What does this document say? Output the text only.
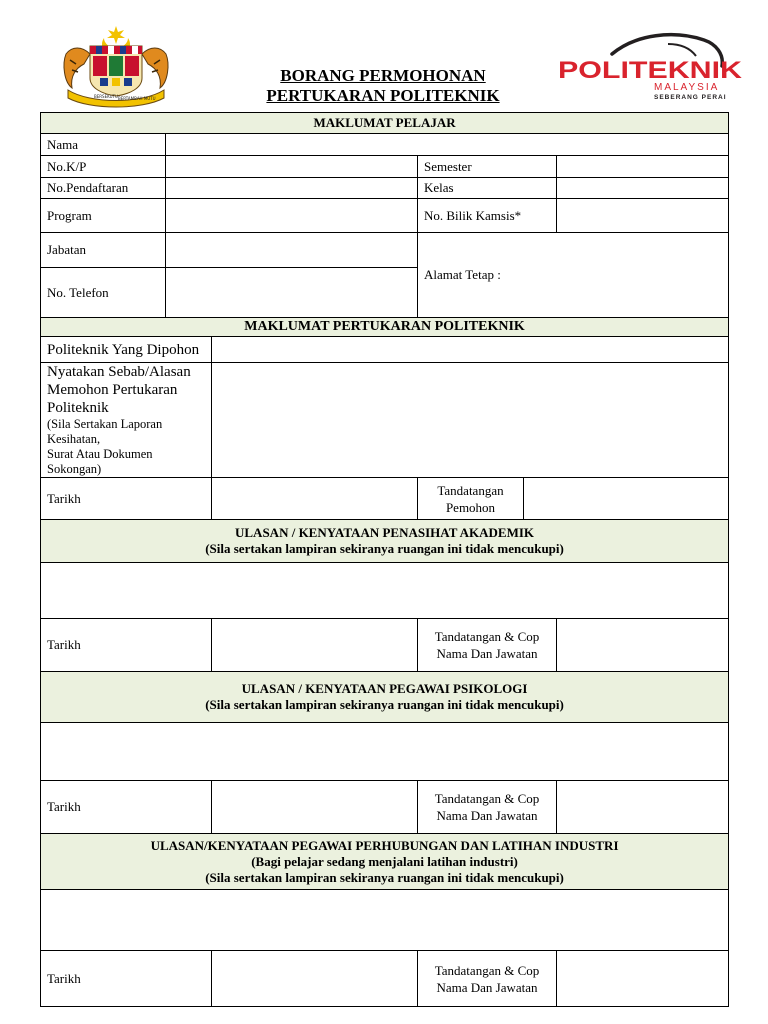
BERSEKUTU BERTAMBAH MUTU
BORANG PERMOHONAN
PERTUKARAN POLITEKNIK
POLITEKNIK
MALAYSIA
SEBERANG PERAI
MAKLUMAT PELAJAR					
Nama					
No.K/P			Semester		
No.Pendaftaran			Kelas		
Program			No. Bilik Kamsis*		
Jabatan			Alamat Tetap :		
No. Telefon					
MAKLUMAT PERTUKARAN POLITEKNIK					
Politeknik Yang Dipohon					

Nyatakan Sebab/Alasan
Memohon Pertukaran
Politeknik
(Sila Sertakan Laporan Kesihatan,
Surat Atau Dokumen Sokongan)					

Tarikh			Tandatangan
Pemohon		

ULASAN / KENYATAAN PENASIHAT AKADEMIK
(Sila sertakan lampiran sekiranya ruangan ini tidak mencukupi)					

Tarikh			Tandatangan & Cop
Nama Dan Jawatan		

ULASAN / KENYATAAN PEGAWAI PSIKOLOGI
(Sila sertakan lampiran sekiranya ruangan ini tidak mencukupi)					

Tarikh			Tandatangan & Cop
Nama Dan Jawatan		

ULASAN/KENYATAAN PEGAWAI PERHUBUNGAN DAN LATIHAN INDUSTRI
(Bagi pelajar sedang menjalani latihan industri)
(Sila sertakan lampiran sekiranya ruangan ini tidak mencukupi)					

Tarikh			Tandatangan & Cop
Nama Dan Jawatan		
